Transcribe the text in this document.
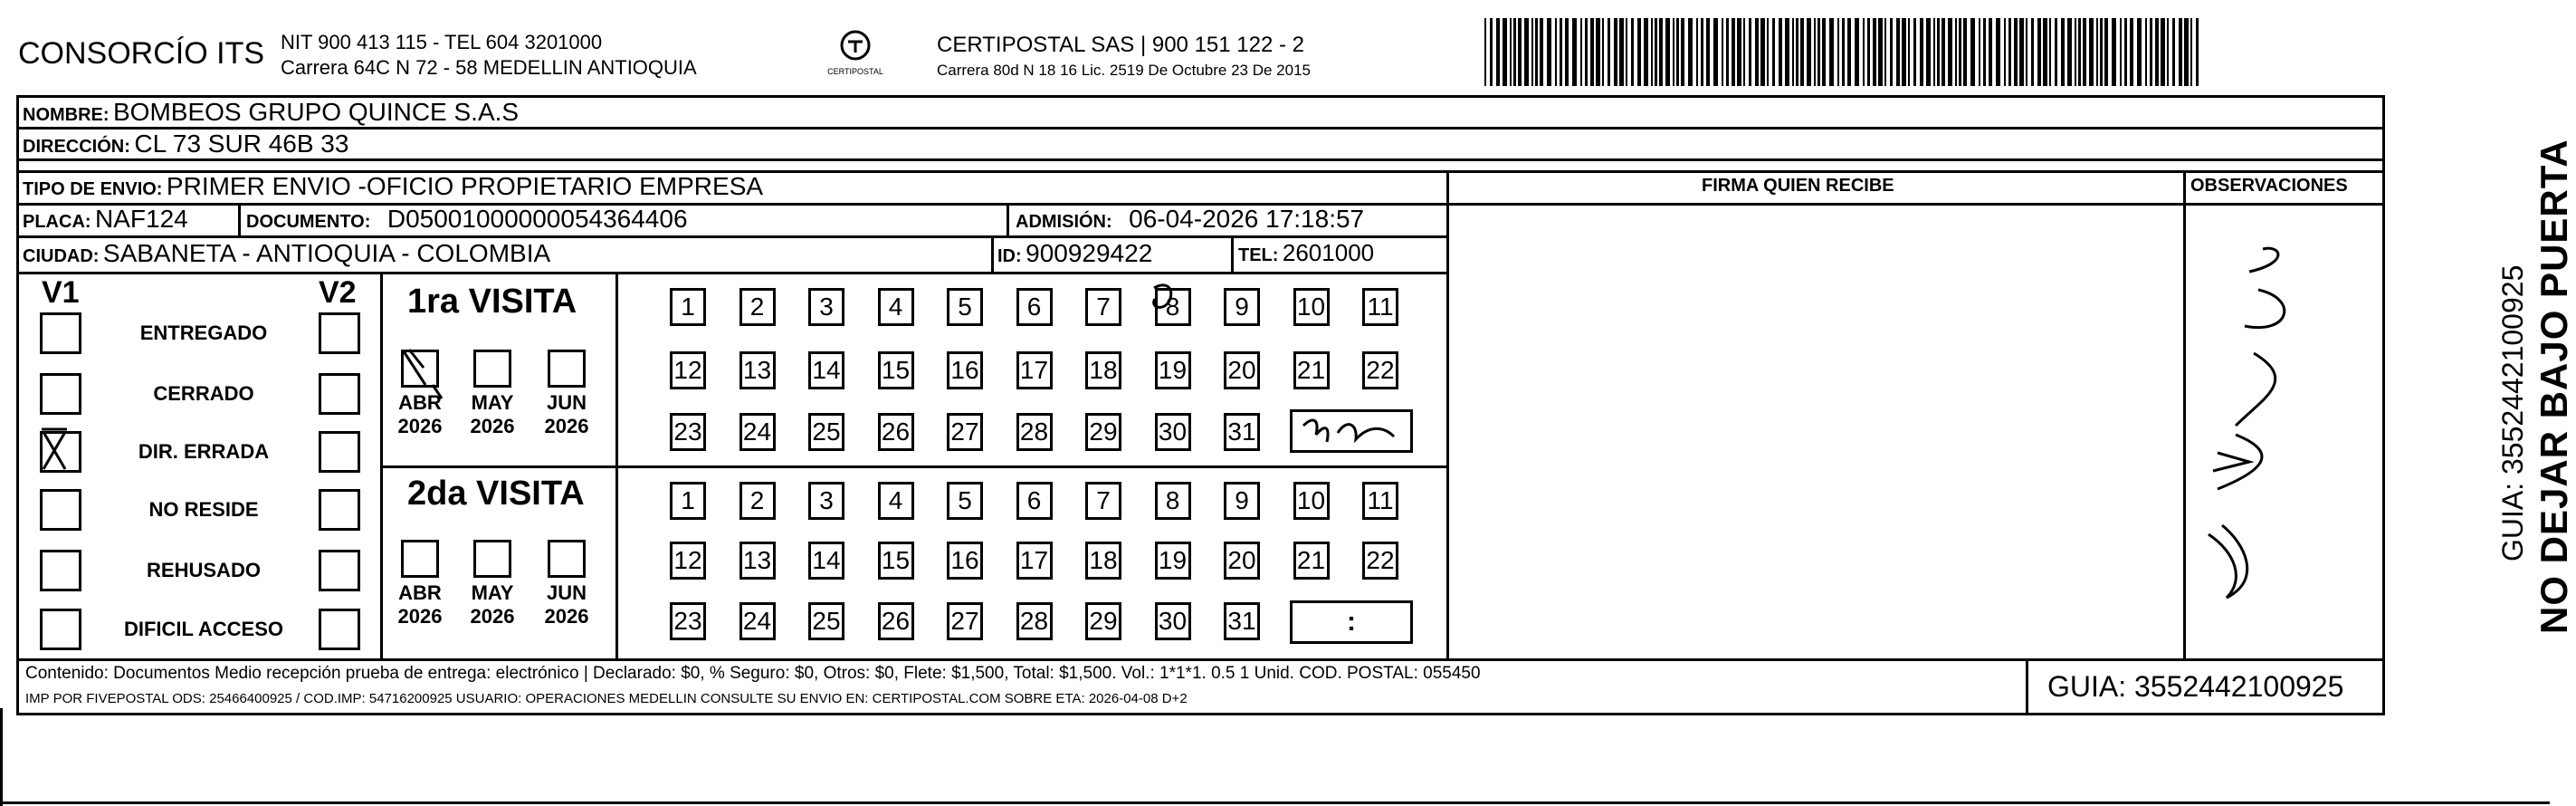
CONSORCÍO ITS NIT 900 413 115 - TEL 604 3201000
Carrera 64C N 72 - 58 MEDELLIN ANTIOQUIA	CERTIPOSTAL
CERTIPOSTAL SAS | 900 151 122 - 2
Carrera 80d N 18 16 Lic. 2519 De Octubre 23 De 2015
NOMBRE: BOMBEOS GRUPO QUINCE S.A.S
DIRECCIÓN: CL 73 SUR 46B 33
TIPO DE ENVIO: PRIMER ENVIO -OFICIO PROPIETARIO EMPRESA
PLACA: NAF124	DOCUMENTO: D05001000000054364406	ADMISIÓN: 06-04-2026 17:18:57
CIUDAD: SABANETA - ANTIOQUIA - COLOMBIA	ID: 900929422	TEL: 2601000
FIRMA QUIEN RECIBE	OBSERVACIONES
V1	V2
ENTREGADO
CERRADO
DIR. ERRADA
NO RESIDE
REHUSADO
DIFICIL ACCESO
1ra VISITA
ABR
2026
MAY
2026
JUN
2026
1	2	3	4	5	6	7	8	9	10 11
12 13 14 15 16 17 18 19 20 21 22
23 24 25 26 27 28 29 30 31
2da VISITA
ABR
2026
MAY
2026
JUN
2026
1	2	3	4	5	6	7	8	9	10 11
12 13 14 15 16 17 18 19 20 21 22
23 24 25 26 27 28 29 30 31	:
Contenido: Documentos Medio recepción prueba de entrega: electrónico | Declarado: $0, % Seguro: $0, Otros: $0, Flete: $1,500, Total: $1,500. Vol.: 1*1*1. 0.5 1 Unid. COD. POSTAL: 055450
IMP POR FIVEPOSTAL ODS: 25466400925 / COD.IMP: 54716200925 USUARIO: OPERACIONES MEDELLIN CONSULTE SU ENVIO EN: CERTIPOSTAL.COM SOBRE ETA: 2026-04-08 D+2	GUIA: 3552442100925
NO DEJAR BAJO PUERTA
GUIA: 3552442100925
